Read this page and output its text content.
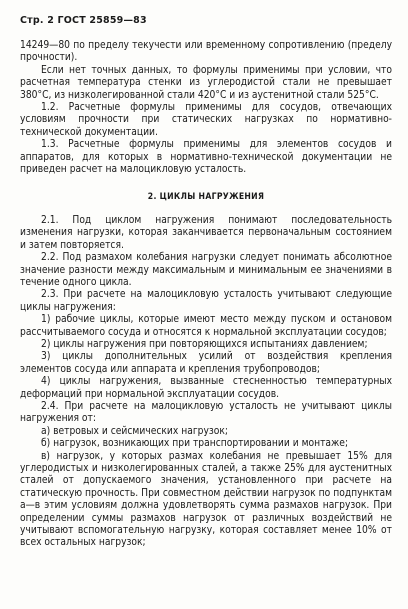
Стр. 2 ГОСТ 25859—83

14249—80 по пределу текучести или временному сопротивлению (пределу прочности).

Если нет точных данных, то формулы применимы при условии, что расчетная температура стенки из углеродистой стали не превышает 380°С, из низколегированной стали 420°С и из аустенитной стали 525°С.

1.2. Расчетные формулы применимы для сосудов, отвечающих условиям прочности при статических нагрузках по нормативно-технической документации.

1.3. Расчетные формулы применимы для элементов сосудов и аппаратов, для которых в нормативно-технической документации не приведен расчет на малоцикловую усталость.

2. ЦИКЛЫ НАГРУЖЕНИЯ

2.1. Под циклом нагружения понимают последовательность изменения нагрузки, которая заканчивается первоначальным состоянием и затем повторяется.

2.2. Под размахом колебания нагрузки следует понимать абсолютное значение разности между максимальным и минимальным ее значениями в течение одного цикла.

2.3. При расчете на малоцикловую усталость учитывают следующие циклы нагружения:

1) рабочие циклы, которые имеют место между пуском и остановом рассчитываемого сосуда и относятся к нормальной эксплуатации сосудов;

2) циклы нагружения при повторяющихся испытаниях давлением;

3) циклы дополнительных усилий от воздействия крепления элементов сосуда или аппарата и крепления трубопроводов;

4) циклы нагружения, вызванные стесненностью температурных деформаций при нормальной эксплуатации сосудов.

2.4. При расчете на малоцикловую усталость не учитывают циклы нагружения от:

а) ветровых и сейсмических нагрузок;

б) нагрузок, возникающих при транспортировании и монтаже;

в) нагрузок, у которых размах колебания не превышает 15% для углеродистых и низколегированных сталей, а также 25% для аустенитных сталей от допускаемого значения, установленного при расчете на статическую прочность. При совместном действии нагрузок по подпунктам а—в этим условиям должна удовлетворять сумма размахов нагрузок. При определении суммы размахов нагрузок от различных воздействий не учитывают вспомогательную нагрузку, которая составляет менее 10% от всех остальных нагрузок;
